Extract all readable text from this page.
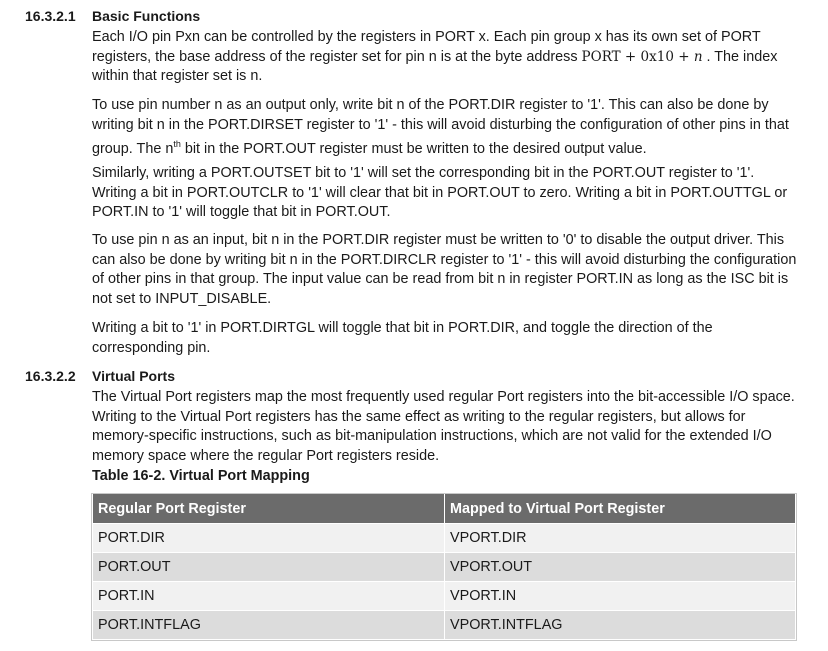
16.3.2.1 Basic Functions

Each I/O pin Pxn can be controlled by the registers in PORT x. Each pin group x has its own set of PORT registers, the base address of the register set for pin n is at the byte address PORT + 0x10 + n . The index within that register set is n.

To use pin number n as an output only, write bit n of the PORT.DIR register to '1'. This can also be done by writing bit n in the PORT.DIRSET register to '1' - this will avoid disturbing the configuration of other pins in that group. The $n^{th}$ bit in the PORT.OUT register must be written to the desired output value.

Similarly, writing a PORT.OUTSET bit to '1' will set the corresponding bit in the PORT.OUT register to '1'. Writing a bit in PORT.OUTCLR to '1' will clear that bit in PORT.OUT to zero. Writing a bit in PORT.OUTTGL or PORT.IN to '1' will toggle that bit in PORT.OUT.

To use pin n as an input, bit n in the PORT.DIR register must be written to '0' to disable the output driver. This can also be done by writing bit n in the PORT.DIRCLR register to '1' - this will avoid disturbing the configuration of other pins in that group. The input value can be read from bit n in register PORT.IN as long as the ISC bit is not set to INPUT_DISABLE.

Writing a bit to '1' in PORT.DIRTGL will toggle that bit in PORT.DIR, and toggle the direction of the corresponding pin.

16.3.2.2 Virtual Ports

The Virtual Port registers map the most frequently used regular Port registers into the bit-accessible I/O space. Writing to the Virtual Port registers has the same effect as writing to the regular registers, but allows for memory-specific instructions, such as bit-manipulation instructions, which are not valid for the extended I/O memory space where the regular Port registers reside.

Table 16-2. Virtual Port Mapping
Regular Port Register	Mapped to Virtual Port Register
PORT.DIR	VPORT.DIR
PORT.OUT	VPORT.OUT
PORT.IN	VPORT.IN
PORT.INTFLAG	VPORT.INTFLAG
